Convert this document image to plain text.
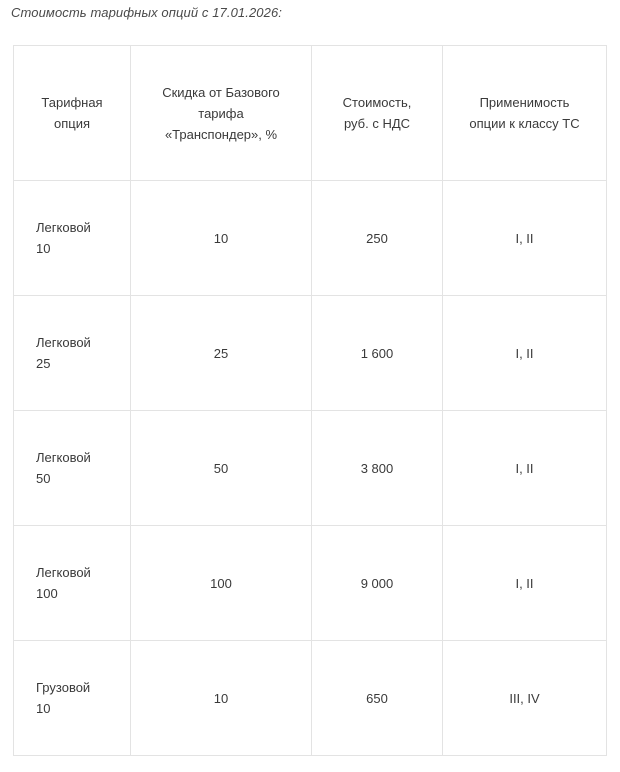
Стоимость тарифных опций с 17.01.2026:
Тарифная опция	Скидка от Базового тарифа «Транспондер», %	Стоимость, руб. с НДС	Применимость опции к классу ТС

Легковой 10	10	250	I, II
Легковой 25	25	1 600	I, II
Легковой 50	50	3 800	I, II
Легковой 100	100	9 000	I, II
Грузовой 10	10	650	III, IV
